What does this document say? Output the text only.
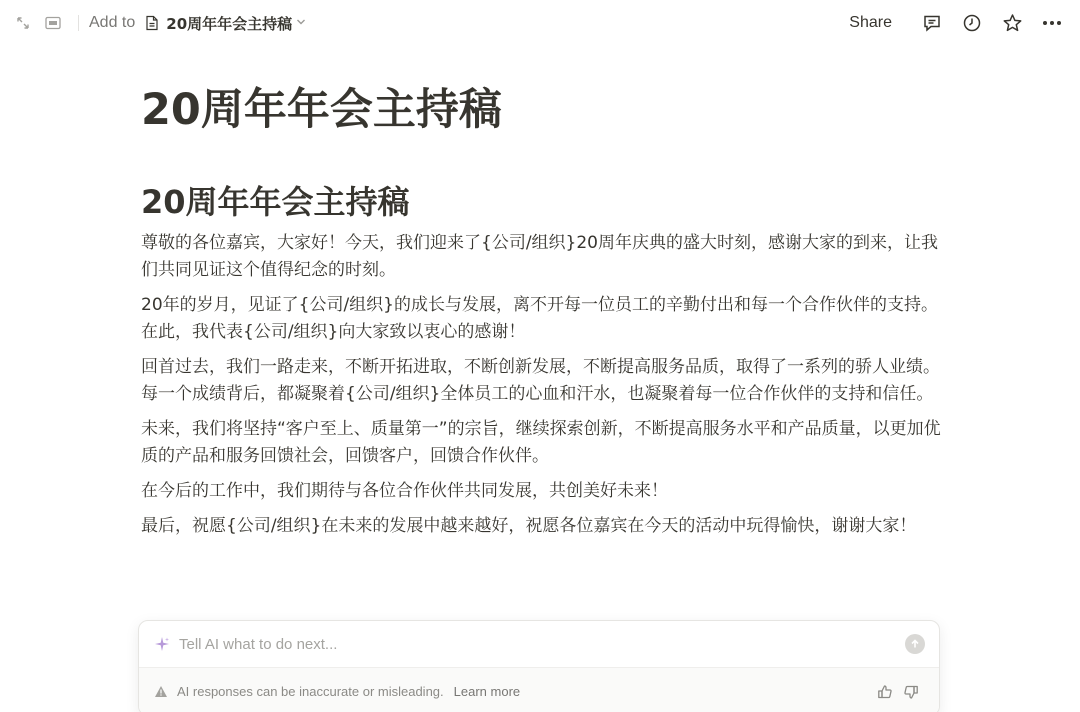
Add to 20周年年会主持稿	Share
20周年年会主持稿
20周年年会主持稿

尊敬的各位嘉宾，大家好！今天，我们迎来了{公司/组织}20周年庆典的盛大时刻，感谢大家的到来，让我们共同见证这个值得纪念的时刻。

20年的岁月，见证了{公司/组织}的成长与发展，离不开每一位员工的辛勤付出和每一个合作伙伴的支持。在此，我代表{公司/组织}向大家致以衷心的感谢！

回首过去，我们一路走来，不断开拓进取，不断创新发展，不断提高服务品质，取得了一系列的骄人业绩。每一个成绩背后，都凝聚着{公司/组织}全体员工的心血和汗水，也凝聚着每一位合作伙伴的支持和信任。

未来，我们将坚持“客户至上、质量第一”的宗旨，继续探索创新，不断提高服务水平和产品质量，以更加优质的产品和服务回馈社会，回馈客户，回馈合作伙伴。

在今后的工作中，我们期待与各位合作伙伴共同发展，共创美好未来！

最后，祝愿{公司/组织}在未来的发展中越来越好，祝愿各位嘉宾在今天的活动中玩得愉快，谢谢大家！

Tell AI what to do next...
AI responses can be inaccurate or misleading. Learn more
